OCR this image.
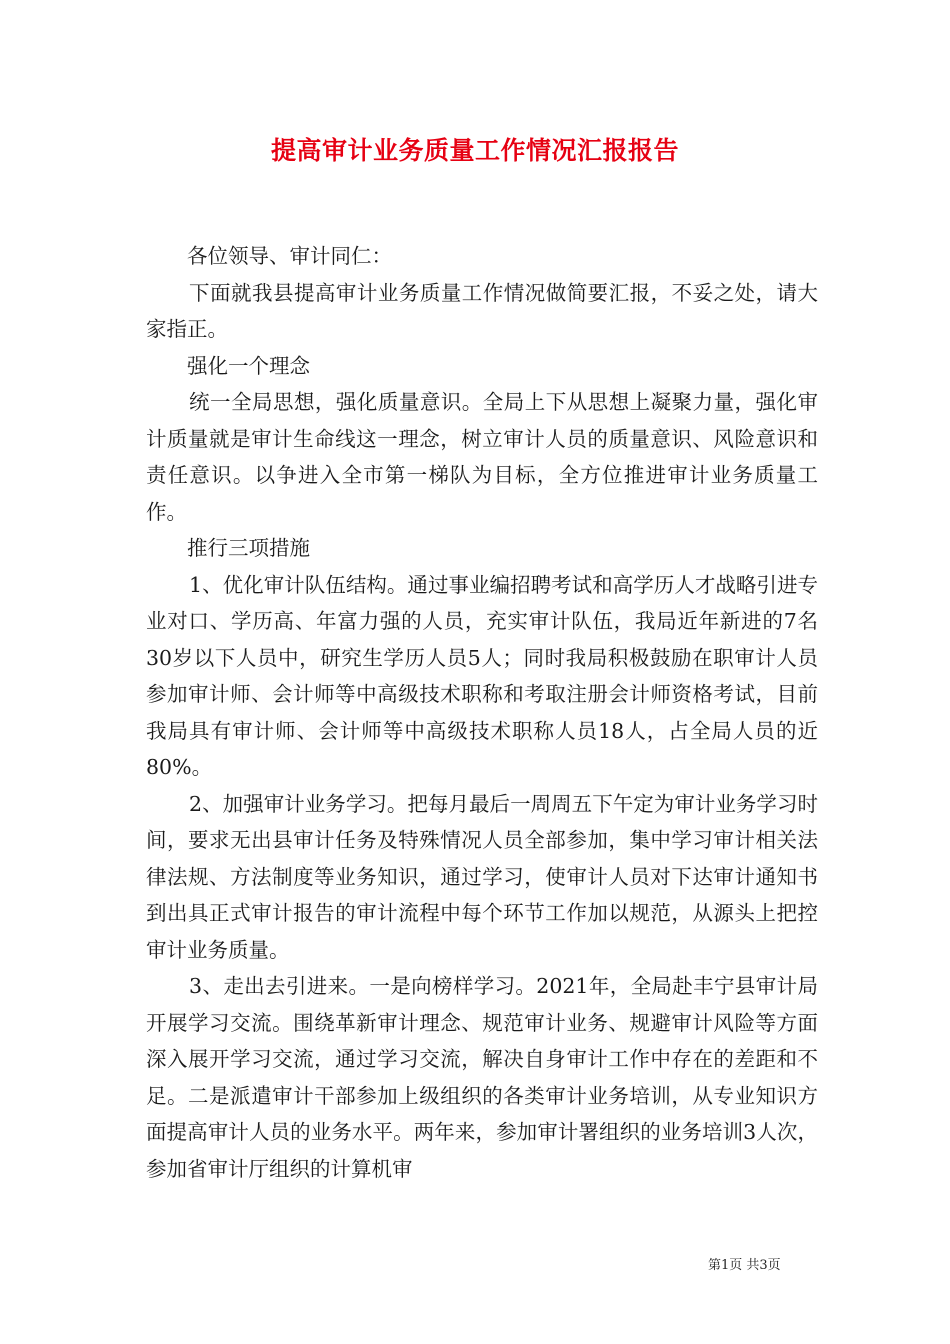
提高审计业务质量工作情况汇报报告

各位领导、审计同仁：

下面就我县提高审计业务质量工作情况做简要汇报，不妥之处，请大家指正。

强化一个理念

统一全局思想，强化质量意识。全局上下从思想上凝聚力量，强化审计质量就是审计生命线这一理念，树立审计人员的质量意识、风险意识和责任意识。以争进入全市第一梯队为目标，全方位推进审计业务质量工作。

推行三项措施

1、优化审计队伍结构。通过事业编招聘考试和高学历人才战略引进专业对口、学历高、年富力强的人员，充实审计队伍，我局近年新进的7名30岁以下人员中，研究生学历人员5人；同时我局积极鼓励在职审计人员参加审计师、会计师等中高级技术职称和考取注册会计师资格考试，目前我局具有审计师、会计师等中高级技术职称人员18人，占全局人员的近80%。

2、加强审计业务学习。把每月最后一周周五下午定为审计业务学习时间，要求无出县审计任务及特殊情况人员全部参加，集中学习审计相关法律法规、方法制度等业务知识，通过学习，使审计人员对下达审计通知书到出具正式审计报告的审计流程中每个环节工作加以规范，从源头上把控审计业务质量。

3、走出去引进来。一是向榜样学习。2021年，全局赴丰宁县审计局开展学习交流。围绕革新审计理念、规范审计业务、规避审计风险等方面深入展开学习交流，通过学习交流，解决自身审计工作中存在的差距和不足。二是派遣审计干部参加上级组织的各类审计业务培训，从专业知识方面提高审计人员的业务水平。两年来，参加审计署组织的业务培训3人次，参加省审计厅组织的计算机审

第1页 共3页
